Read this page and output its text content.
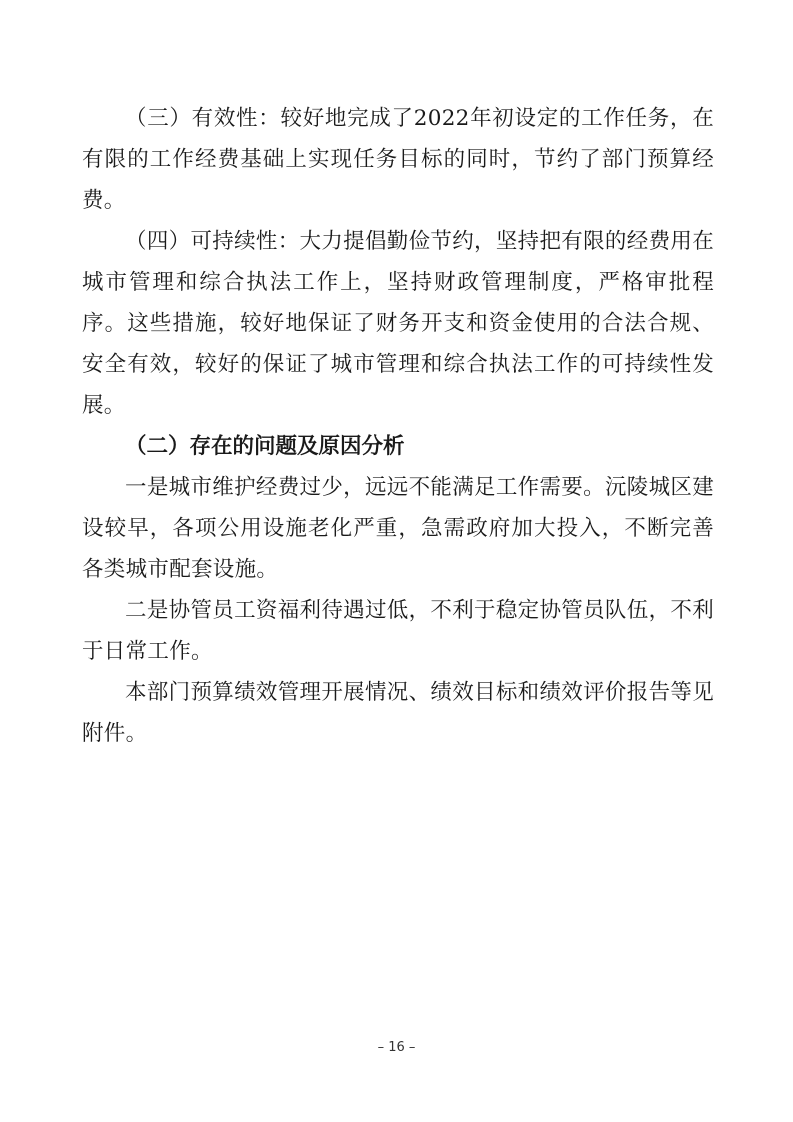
（三）有效性：较好地完成了2022年初设定的工作任务，在有限的工作经费基础上实现任务目标的同时，节约了部门预算经费。

（四）可持续性：大力提倡勤俭节约，坚持把有限的经费用在城市管理和综合执法工作上，坚持财政管理制度，严格审批程序。这些措施，较好地保证了财务开支和资金使用的合法合规、安全有效，较好的保证了城市管理和综合执法工作的可持续性发展。

（二）存在的问题及原因分析

一是城市维护经费过少，远远不能满足工作需要。沅陵城区建设较早，各项公用设施老化严重，急需政府加大投入，不断完善各类城市配套设施。

二是协管员工资福利待遇过低，不利于稳定协管员队伍，不利于日常工作。

本部门预算绩效管理开展情况、绩效目标和绩效评价报告等见附件。

– 16 –
